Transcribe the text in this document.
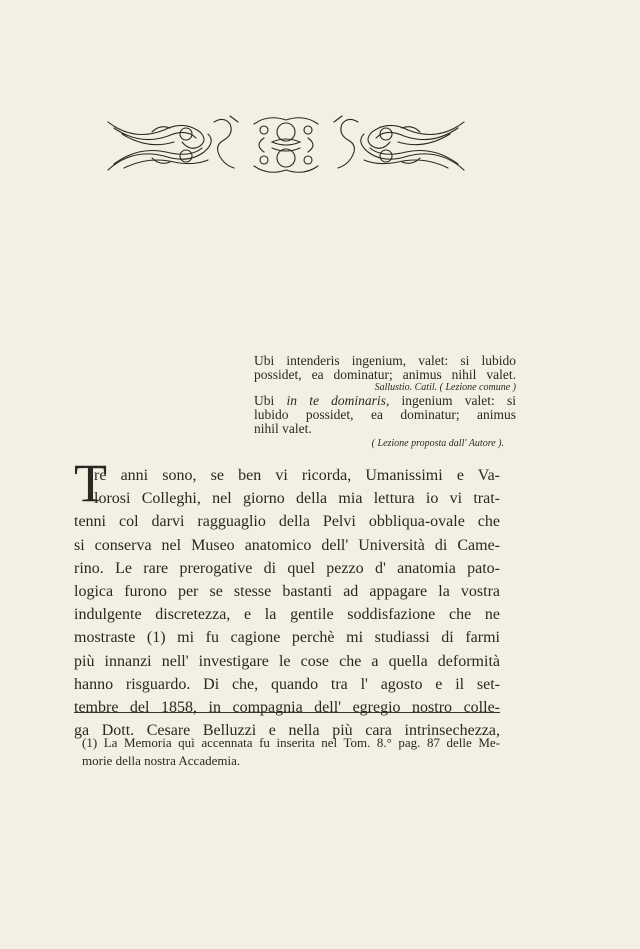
Ubi intenderis ingenium, valet: si lubido
possidet, ea dominatur; animus nihil valet.
Sallustio. Catil. ( Lezione comune )

Ubi in te dominaris, ingenium valet: si
lubido possidet, ea dominatur; animus
nihil valet.
( Lezione proposta dall' Autore ).

T
re anni sono, se ben vi ricorda, Umanissimi e Va-
lorosi Colleghi, nel giorno della mia lettura io vi trat-
tenni col darvi ragguaglio della Pelvi obbliqua-ovale che
si conserva nel Museo anatomico dell' Università di Came-
rino. Le rare prerogative di quel pezzo d' anatomia pato-
logica furono per se stesse bastanti ad appagare la vostra
indulgente discretezza, e la gentile soddisfazione che ne
mostraste (1) mi fu cagione perchè mi studiassi di farmi
più innanzi nell' investigare le cose che a quella deformità
hanno risguardo. Di che, quando tra l' agosto e il set-
tembre del 1858, in compagnia dell' egregio nostro colle-
ga Dott. Cesare Belluzzi e nella più cara intrinsechezza,
(1) La Memoria quì accennata fu inserita nel Tom. 8.° pag. 87 delle Me-
morie della nostra Accademia.
